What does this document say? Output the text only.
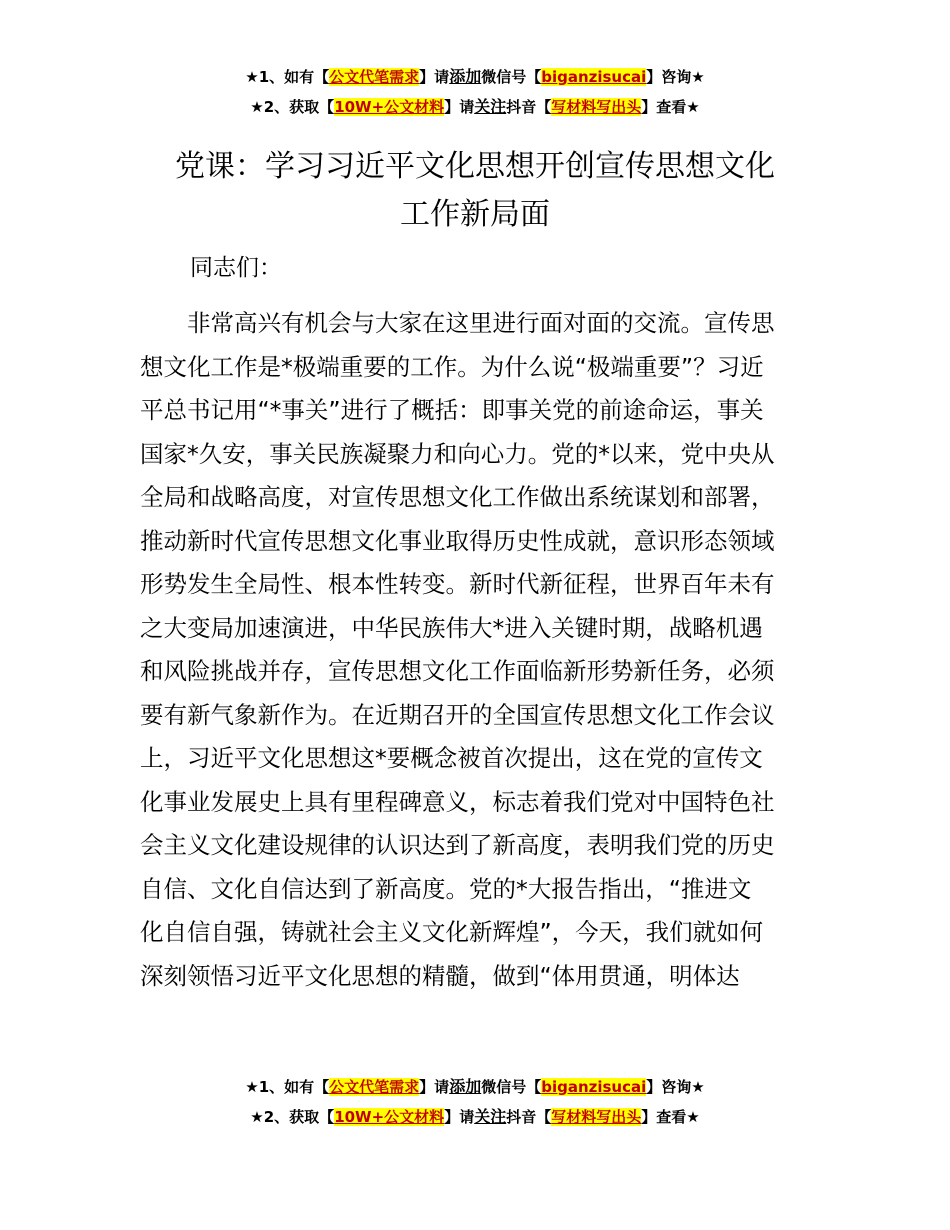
★1、如有【公文代笔需求】请添加微信号【biganzisucai】咨询★
★2、获取【10W+公文材料】请关注抖音【写材料写出头】查看★
党课：学习习近平文化思想开创宣传思想文化
工作新局面

同志们：

　　非常高兴有机会与大家在这里进行面对面的交流。宣传思
想文化工作是*极端重要的工作。为什么说“极端重要”？习近
平总书记用“*事关”进行了概括：即事关党的前途命运，事关
国家*久安，事关民族凝聚力和向心力。党的*以来，党中央从
全局和战略高度，对宣传思想文化工作做出系统谋划和部署，
推动新时代宣传思想文化事业取得历史性成就，意识形态领域
形势发生全局性、根本性转变。新时代新征程，世界百年未有
之大变局加速演进，中华民族伟大*进入关键时期，战略机遇
和风险挑战并存，宣传思想文化工作面临新形势新任务，必须
要有新气象新作为。在近期召开的全国宣传思想文化工作会议
上，习近平文化思想这*要概念被首次提出，这在党的宣传文
化事业发展史上具有里程碑意义，标志着我们党对中国特色社
会主义文化建设规律的认识达到了新高度，表明我们党的历史
自信、文化自信达到了新高度。党的*大报告指出，“推进文
化自信自强，铸就社会主义文化新辉煌”，今天，我们就如何
深刻领悟习近平文化思想的精髓，做到“体用贯通，明体达

★1、如有【公文代笔需求】请添加微信号【biganzisucai】咨询★
★2、获取【10W+公文材料】请关注抖音【写材料写出头】查看★
